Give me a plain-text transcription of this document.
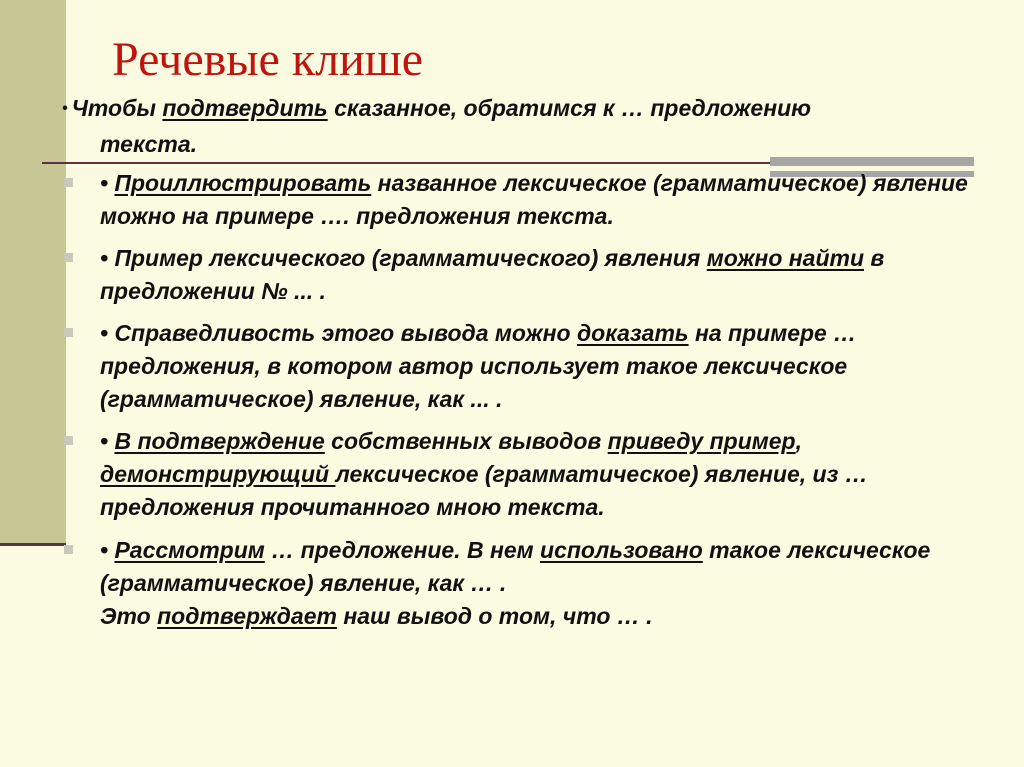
Речевые клише
• Чтобы подтвердить сказанное, обратимся к … предложению
текста.
• Проиллюстрировать названное лексическое (грамматическое) явление можно на примере …. предложения текста.
• Пример лексического (грамматического) явления можно найти в предложении № ... .
• Справедливость этого вывода можно доказать на примере … предложения, в котором автор использует такое лексическое (грамматическое) явление, как ... .
• В подтверждение собственных выводов приведу пример, демонстрирующий лексическое (грамматическое) явление, из … предложения прочитанного мною текста.
• Рассмотрим … предложение. В нем использовано такое лексическое (грамматическое) явление, как … .
Это подтверждает наш вывод о том, что … .
